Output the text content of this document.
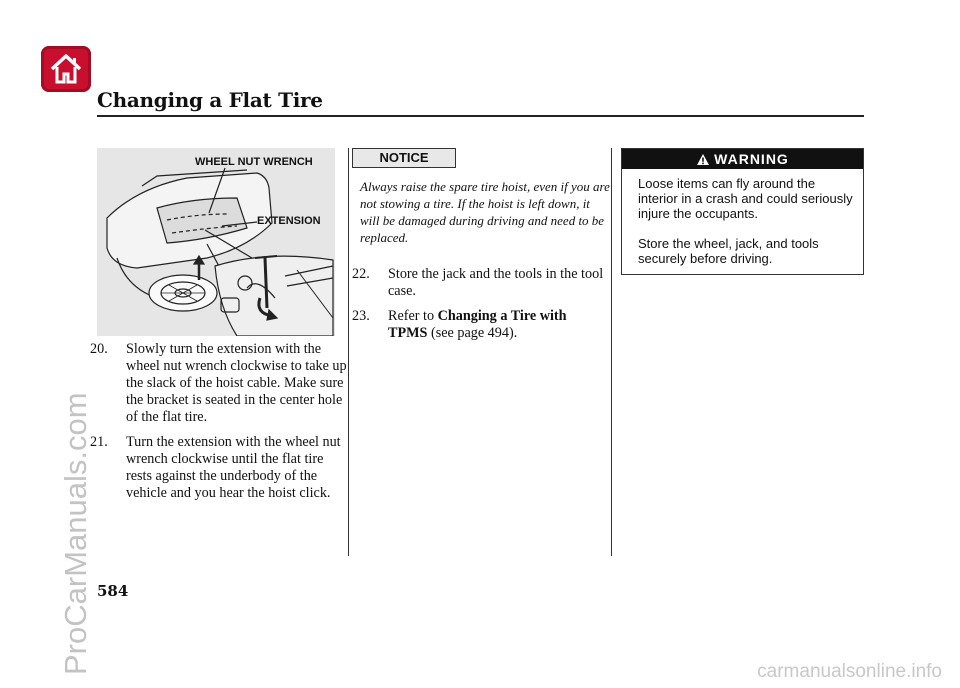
Changing a Flat Tire
WHEEL NUT WRENCH
EXTENSION
20. Slowly turn the extension with the wheel nut wrench clockwise to take up the slack of the hoist cable. Make sure the bracket is seated in the center hole of the flat tire.
21. Turn the extension with the wheel nut wrench clockwise until the flat tire rests against the underbody of the vehicle and you hear the hoist click.
NOTICE
Always raise the spare tire hoist, even if you are not stowing a tire. If the hoist is left down, it will be damaged during driving and need to be replaced.
22. Store the jack and the tools in the tool case.
23. Refer to Changing a Tire with TPMS (see page 494).
WARNING

Loose items can fly around the interior in a crash and could seriously injure the occupants.

Store the wheel, jack, and tools securely before driving.

584
ProCarManuals.com	carmanualsonline.info
